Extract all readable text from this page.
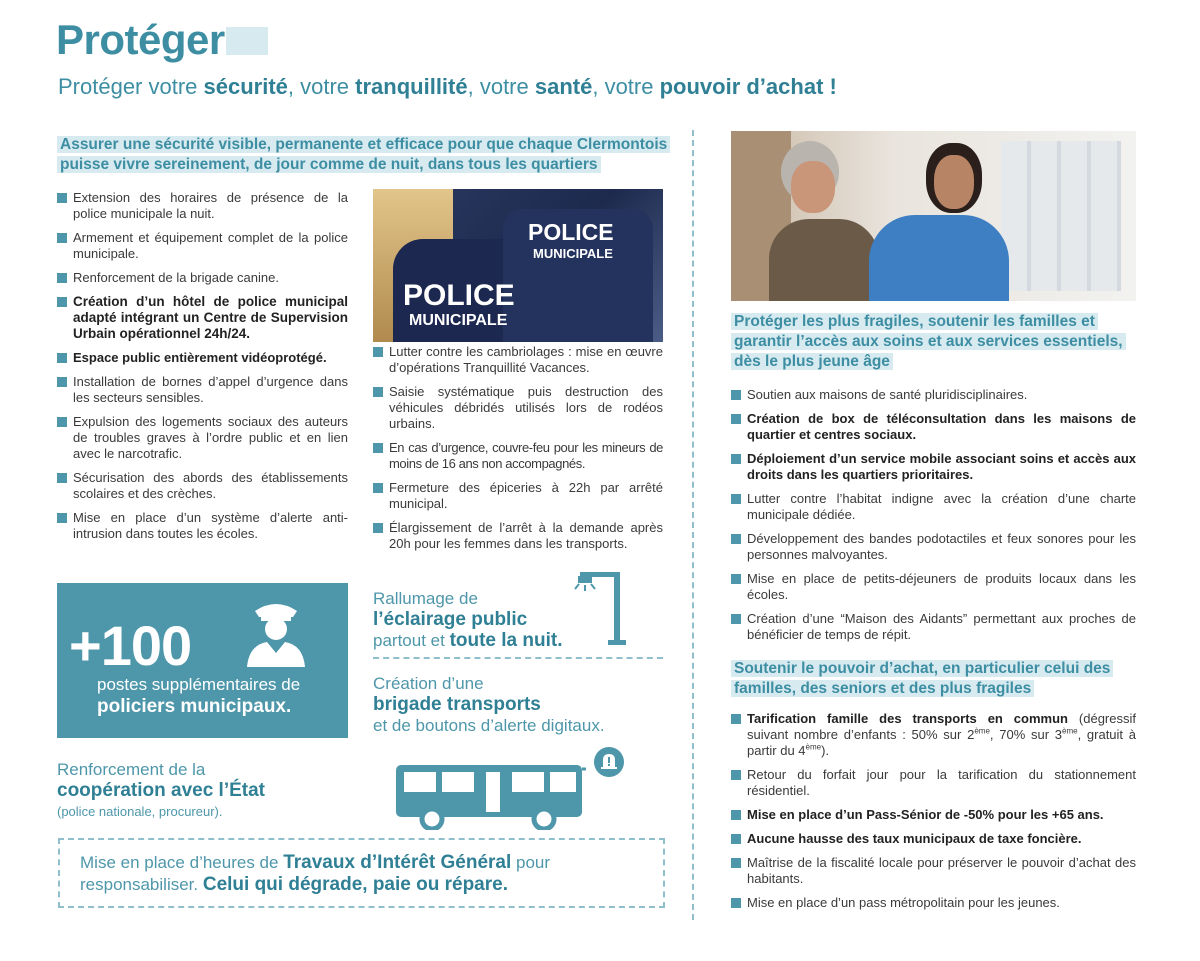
Protéger
Protéger votre sécurité, votre tranquillité, votre santé, votre pouvoir d’achat !
Assurer une sécurité visible, permanente et efficace pour que chaque Clermontois puisse vivre sereinement, de jour comme de nuit, dans tous les quartiers
Extension des horaires de présence de la police municipale la nuit.
Armement et équipement complet de la police municipale.
Renforcement de la brigade canine.
Création d’un hôtel de police municipal adapté intégrant un Centre de Supervision Urbain opérationnel 24h/24.
Espace public entièrement vidéoprotégé.
Installation de bornes d’appel d’urgence dans les secteurs sensibles.
Expulsion des logements sociaux des auteurs de troubles graves à l’ordre public et en lien avec le narcotrafic.
Sécurisation des abords des établissements scolaires et des crèches.
Mise en place d’un système d’alerte anti-intrusion dans toutes les écoles.
POLICE
MUNICIPALE
POLICE
MUNICIPALE
Lutter contre les cambriolages : mise en œuvre d’opérations Tranquillité Vacances.
Saisie systématique puis destruction des véhicules débridés utilisés lors de rodéos urbains.
En cas d’urgence, couvre-feu pour les mineurs de moins de 16 ans non accompagnés.
Fermeture des épiceries à 22h par arrêté municipal.
Élargissement de l’arrêt à la demande après 20h pour les femmes dans les transports.
+100
postes supplémentaires de
policiers municipaux.
Rallumage de
l’éclairage public
partout et toute la nuit.
Création d’une
brigade transports
et de boutons d’alerte digitaux.
Renforcement de la
coopération avec l’État
(police nationale, procureur).
Mise en place d’heures de Travaux d’Intérêt Général pour
responsabiliser. Celui qui dégrade, paie ou répare.
Protéger les plus fragiles, soutenir les familles et garantir l’accès aux soins et aux services essentiels, dès le plus jeune âge
Soutien aux maisons de santé pluridisciplinaires.
Création de box de téléconsultation dans les maisons de quartier et centres sociaux.
Déploiement d’un service mobile associant soins et accès aux droits dans les quartiers prioritaires.
Lutter contre l’habitat indigne avec la création d’une charte municipale dédiée.
Développement des bandes podotactiles et feux sonores pour les personnes malvoyantes.
Mise en place de petits-déjeuners de produits locaux dans les écoles.
Création d’une “Maison des Aidants” permettant aux proches de bénéficier de temps de répit.
Soutenir le pouvoir d’achat, en particulier celui des familles, des seniors et des plus fragiles
Tarification famille des transports en commun (dégressif suivant nombre d’enfants : 50% sur 2ème, 70% sur 3ème, gratuit à partir du 4ème).
Retour du forfait jour pour la tarification du stationnement résidentiel.
Mise en place d’un Pass-Sénior de -50% pour les +65 ans.
Aucune hausse des taux municipaux de taxe foncière.
Maîtrise de la fiscalité locale pour préserver le pouvoir d’achat des habitants.
Mise en place d’un pass métropolitain pour les jeunes.
